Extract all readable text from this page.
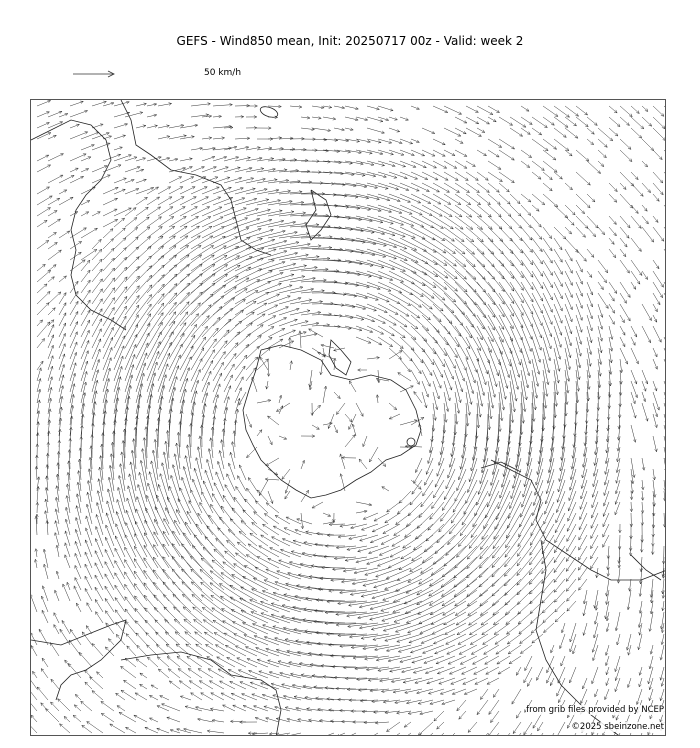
GEFS - Wind850 mean, Init: 20250717 00z - Valid: week 2
50 km/h
from grib files provided by NCEP
©2025 sbeinzone.net
